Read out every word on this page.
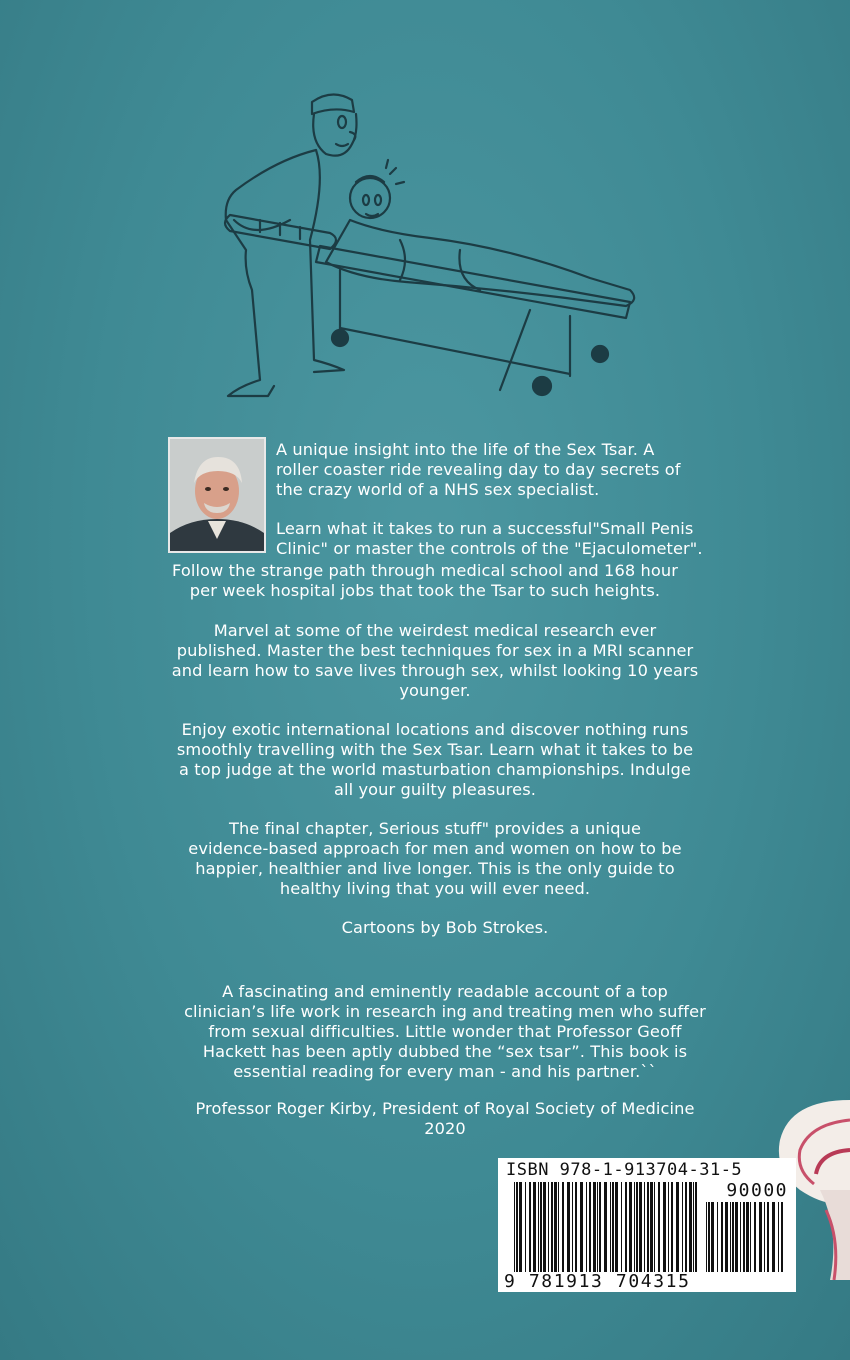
A unique insight into the life of the Sex Tsar. A
roller coaster ride revealing day to day secrets of
the crazy world of a NHS sex specialist.
Learn what it takes to run a successful"Small Penis
Clinic" or master the controls of the "Ejaculometer".
Follow the strange path through medical school and 168 hour
per week hospital jobs that took the Tsar to such heights.
Marvel at some of the weirdest medical research ever
published. Master the best techniques for sex in a MRI scanner
and learn how to save lives through sex, whilst looking 10 years
younger.
Enjoy exotic international locations and discover nothing runs
smoothly travelling with the Sex Tsar. Learn what it takes to be
a top judge at the world masturbation championships. Indulge
all your guilty pleasures.
The final chapter, Serious stuff" provides a unique
evidence-based approach for men and women on how to be
happier, healthier and live longer. This is the only guide to
healthy living that you will ever need.
Cartoons by Bob Strokes.
A fascinating and eminently readable account of a top
clinician’s life work in research ing and treating men who suffer
from sexual difficulties. Little wonder that Professor Geoff
Hackett has been aptly dubbed the “sex tsar”. This book is
essential reading for every man - and his partner.``
Professor Roger Kirby, President of Royal Society of Medicine
2020
ISBN 978-1-913704-31-5
90000
9 781913 704315
